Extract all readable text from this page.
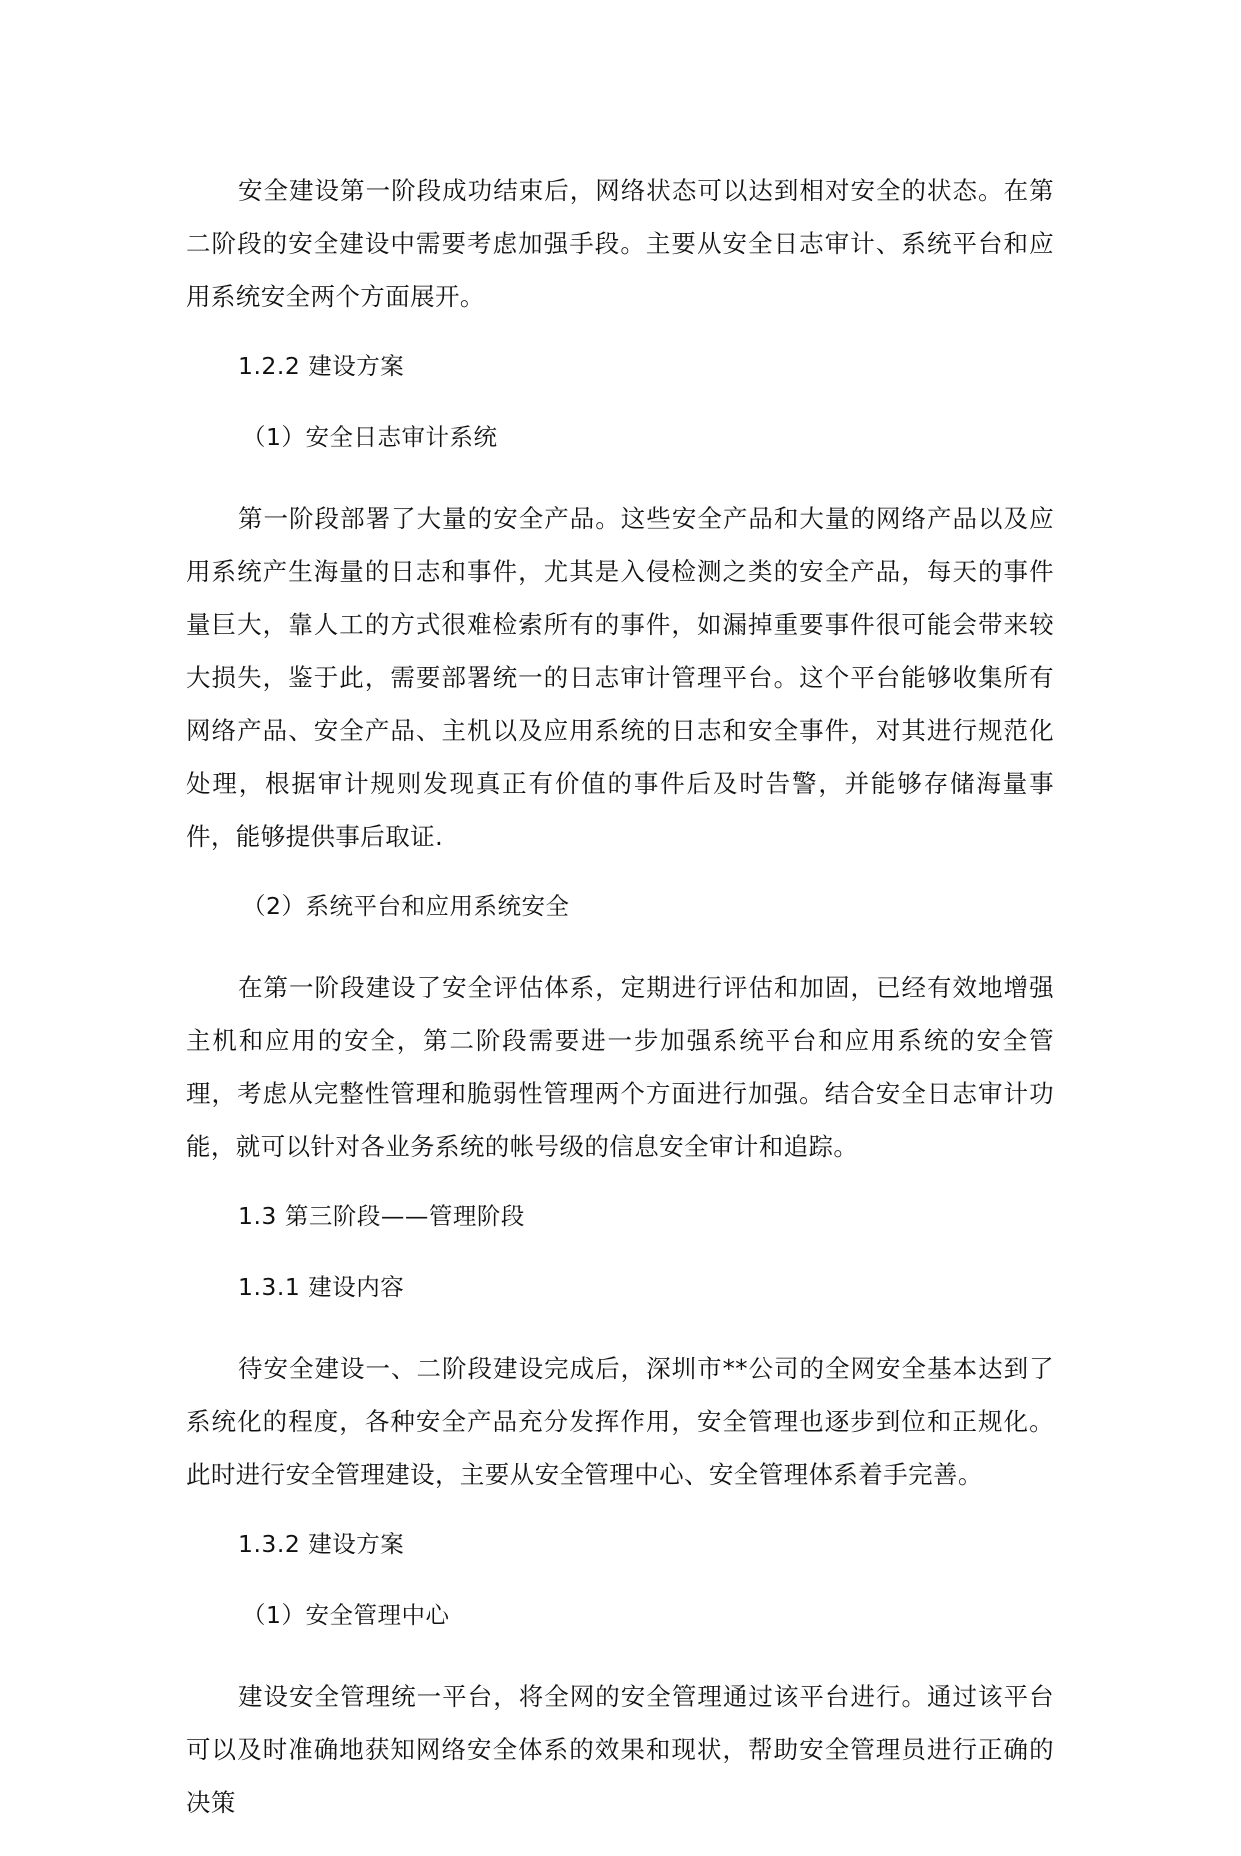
安全建设第一阶段成功结束后，网络状态可以达到相对安全的状态。在第二阶段的安全建设中需要考虑加强手段。主要从安全日志审计、系统平台和应用系统安全两个方面展开。

1.2.2 建设方案
（1）安全日志审计系统

第一阶段部署了大量的安全产品。这些安全产品和大量的网络产品以及应用系统产生海量的日志和事件，尤其是入侵检测之类的安全产品，每天的事件量巨大，靠人工的方式很难检索所有的事件，如漏掉重要事件很可能会带来较大损失，鉴于此，需要部署统一的日志审计管理平台。这个平台能够收集所有网络产品、安全产品、主机以及应用系统的日志和安全事件，对其进行规范化处理，根据审计规则发现真正有价值的事件后及时告警，并能够存储海量事件，能够提供事后取证.

（2）系统平台和应用系统安全

在第一阶段建设了安全评估体系，定期进行评估和加固，已经有效地增强主机和应用的安全，第二阶段需要进一步加强系统平台和应用系统的安全管理，考虑从完整性管理和脆弱性管理两个方面进行加强。结合安全日志审计功能，就可以针对各业务系统的帐号级的信息安全审计和追踪。

1.3 第三阶段——管理阶段
1.3.1 建设内容

待安全建设一、二阶段建设完成后，深圳市**公司的全网安全基本达到了系统化的程度，各种安全产品充分发挥作用，安全管理也逐步到位和正规化。此时进行安全管理建设，主要从安全管理中心、安全管理体系着手完善。

1.3.2 建设方案
（1）安全管理中心

建设安全管理统一平台，将全网的安全管理通过该平台进行。通过该平台可以及时准确地获知网络安全体系的效果和现状，帮助安全管理员进行正确的决策
